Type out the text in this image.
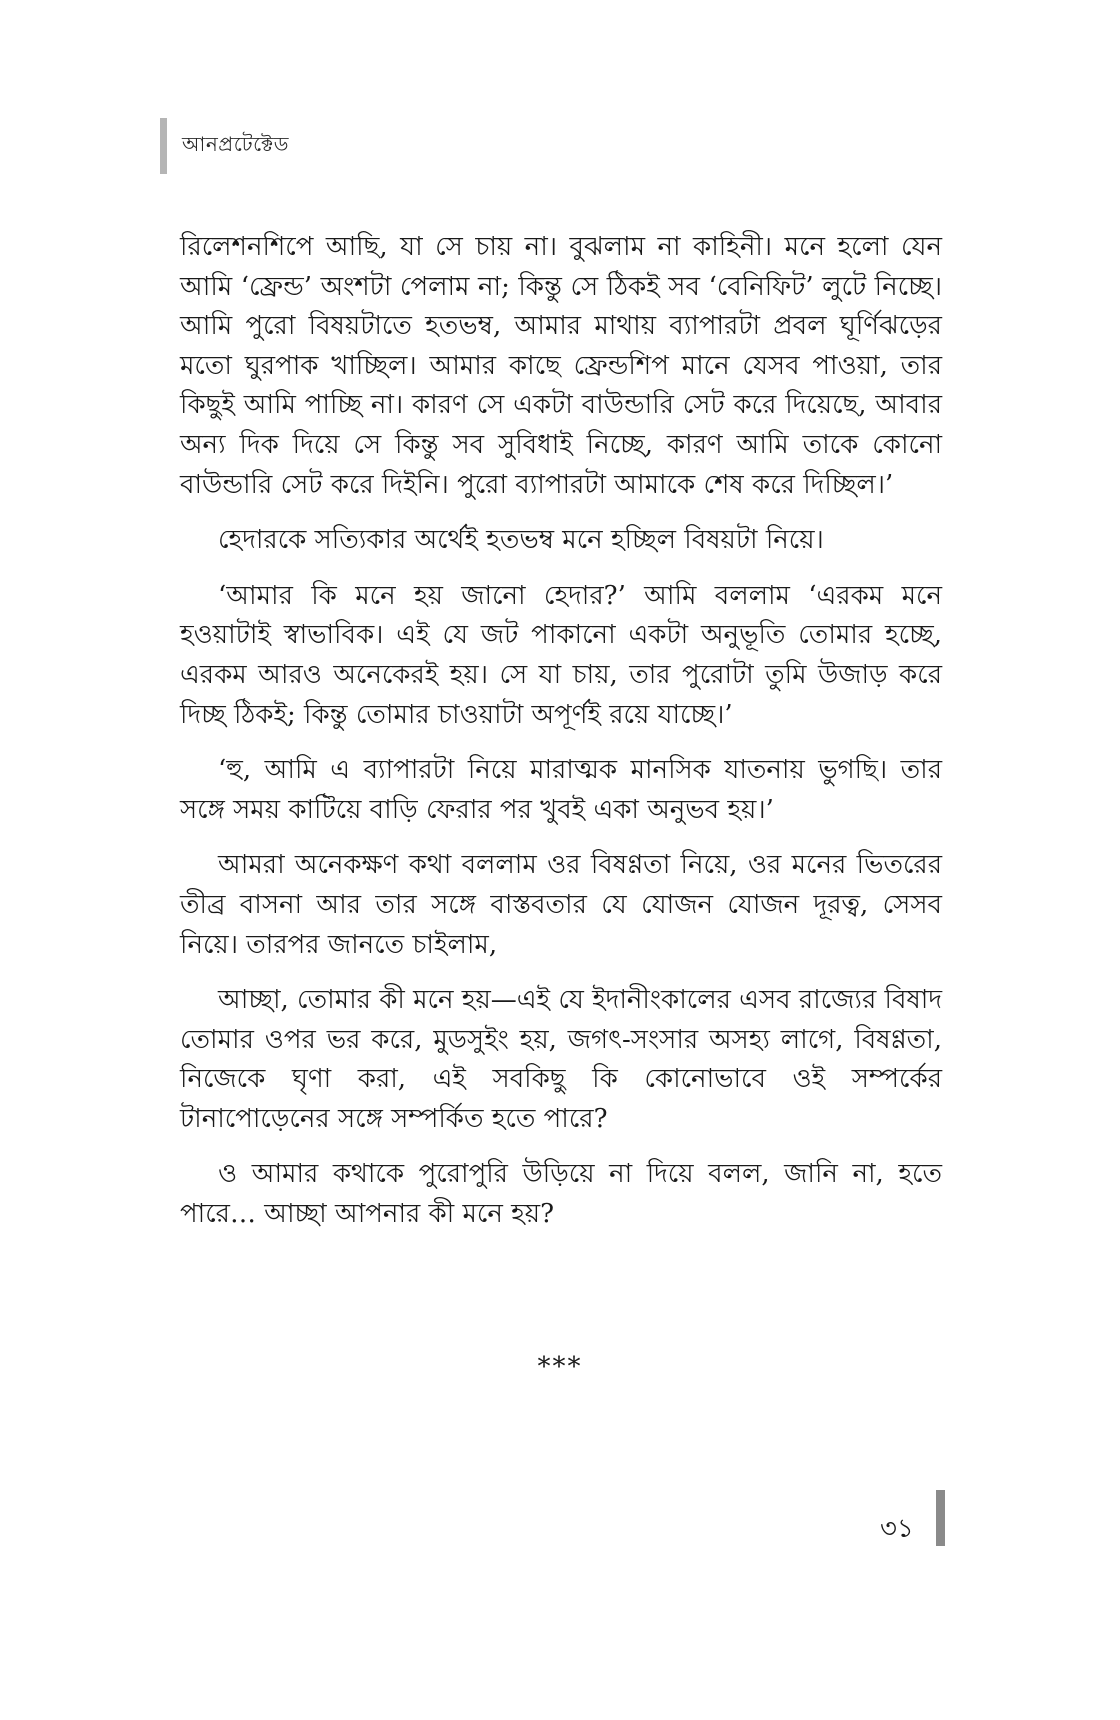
আনপ্রটেক্টেড

রিলেশনশিপে আছি, যা সে চায় না। বুঝলাম না কাহিনী। মনে হলো যেন আমি ‘ফ্রেন্ড’ অংশটা পেলাম না; কিন্তু সে ঠিকই সব ‘বেনিফিট’ লুটে নিচ্ছে। আমি পুরো বিষয়টাতে হতভম্ব, আমার মাথায় ব্যাপারটা প্রবল ঘূর্ণিঝড়ের মতো ঘুরপাক খাচ্ছিল। আমার কাছে ফ্রেন্ডশিপ মানে যেসব পাওয়া, তার কিছুই আমি পাচ্ছি না। কারণ সে একটা বাউন্ডারি সেট করে দিয়েছে, আবার অন্য দিক দিয়ে সে কিন্তু সব সুবিধাই নিচ্ছে, কারণ আমি তাকে কোনো বাউন্ডারি সেট করে দিইনি। পুরো ব্যাপারটা আমাকে শেষ করে দিচ্ছিল।’

হেদারকে সত্যিকার অর্থেই হতভম্ব মনে হচ্ছিল বিষয়টা নিয়ে।

‘আমার কি মনে হয় জানো হেদার?’ আমি বললাম ‘এরকম মনে হওয়াটাই স্বাভাবিক। এই যে জট পাকানো একটা অনুভূতি তোমার হচ্ছে, এরকম আরও অনেকেরই হয়। সে যা চায়, তার পুরোটা তুমি উজাড় করে দিচ্ছ ঠিকই; কিন্তু তোমার চাওয়াটা অপূর্ণই রয়ে যাচ্ছে।’

‘হু, আমি এ ব্যাপারটা নিয়ে মারাত্মক মানসিক যাতনায় ভুগছি। তার সঙ্গে সময় কাটিয়ে বাড়ি ফেরার পর খুবই একা অনুভব হয়।’

আমরা অনেকক্ষণ কথা বললাম ওর বিষণ্ণতা নিয়ে, ওর মনের ভিতরের তীব্র বাসনা আর তার সঙ্গে বাস্তবতার যে যোজন যোজন দূরত্ব, সেসব নিয়ে। তারপর জানতে চাইলাম,

আচ্ছা, তোমার কী মনে হয়—এই যে ইদানীংকালের এসব রাজ্যের বিষাদ তোমার ওপর ভর করে, মুডসুইং হয়, জগৎ-সংসার অসহ্য লাগে, বিষণ্ণতা, নিজেকে ঘৃণা করা, এই সবকিছু কি কোনোভাবে ওই সম্পর্কের টানাপোড়েনের সঙ্গে সম্পর্কিত হতে পারে?

ও আমার কথাকে পুরোপুরি উড়িয়ে না দিয়ে বলল, জানি না, হতে পারে… আচ্ছা আপনার কী মনে হয়?

***
৩১
